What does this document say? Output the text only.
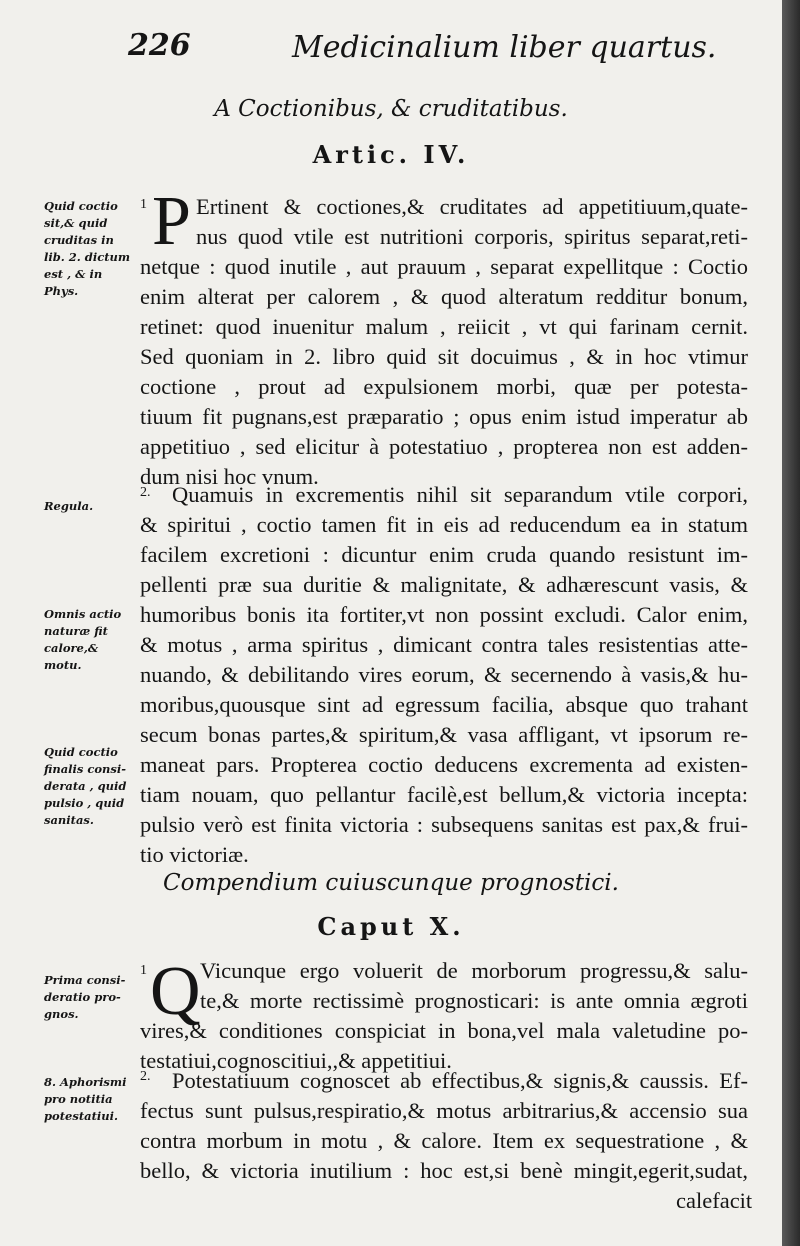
226	Medicinalium liber quartus.
A Coctionibus, & cruditatibus.
Artic. IV.
Quid coctio sit,& quid cruditas in lib. 2. dictum est , & in Phys.
1 P Ertinent & coctiones,& cruditates ad appetitiuum,quate-
nus quod vtile est nutritioni corporis, spiritus separat,reti-
netque : quod inutile , aut prauum , separat expellitque : Coctio
enim alterat per calorem , & quod alteratum redditur bonum,
retinet: quod inuenitur malum , reiicit , vt qui farinam cernit.
Sed quoniam in 2. libro quid sit docuimus , & in hoc vtimur
coctione , prout ad expulsionem morbi, quæ per potesta-
tiuum fit pugnans,est præparatio ; opus enim istud imperatur ab
appetitiuo , sed elicitur à potestatiuo , propterea non est adden-
dum nisi hoc vnum.
Regula.
2. Quamuis in excrementis nihil sit separandum vtile corpori,
& spiritui , coctio tamen fit in eis ad reducendum ea in statum
facilem excretioni : dicuntur enim cruda quando resistunt im-
pellenti præ sua duritie & malignitate, & adhærescunt vasis, &
humoribus bonis ita fortiter,vt non possint excludi. Calor enim,
& motus , arma spiritus , dimicant contra tales resistentias atte-
nuando, & debilitando vires eorum, & secernendo à vasis,& hu-
moribus,quousque sint ad egressum facilia, absque quo trahant
secum bonas partes,& spiritum,& vasa affligant, vt ipsorum re-
maneat pars. Propterea coctio deducens excrementa ad existen-
tiam nouam, quo pellantur facilè,est bellum,& victoria incepta:
pulsio verò est finita victoria : subsequens sanitas est pax,& frui-
tio victoriæ.
Omnis actio naturæ fit calore,& motu.
Quid coctio finalis consi-derata , quid pulsio , quid sanitas.
Compendium cuiuscunque prognostici.
Caput X.
Prima consi-deratio pro-gnos.
1 Q Vicunque ergo voluerit de morborum progressu,& salu-
te,& morte rectissimè prognosticari: is ante omnia ægroti
vires,& conditiones conspiciat in bona,vel mala valetudine po-
testatiui,cognoscitiui,,& appetitiui.
8. Aphorismi pro notitia potestatiui.
2. Potestatiuum cognoscet ab effectibus,& signis,& caussis. Ef-
fectus sunt pulsus,respiratio,& motus arbitrarius,& accensio sua
contra morbum in motu , & calore. Item ex sequestratione , &
bello, & victoria inutilium : hoc est,si benè mingit,egerit,sudat,
calefacit
